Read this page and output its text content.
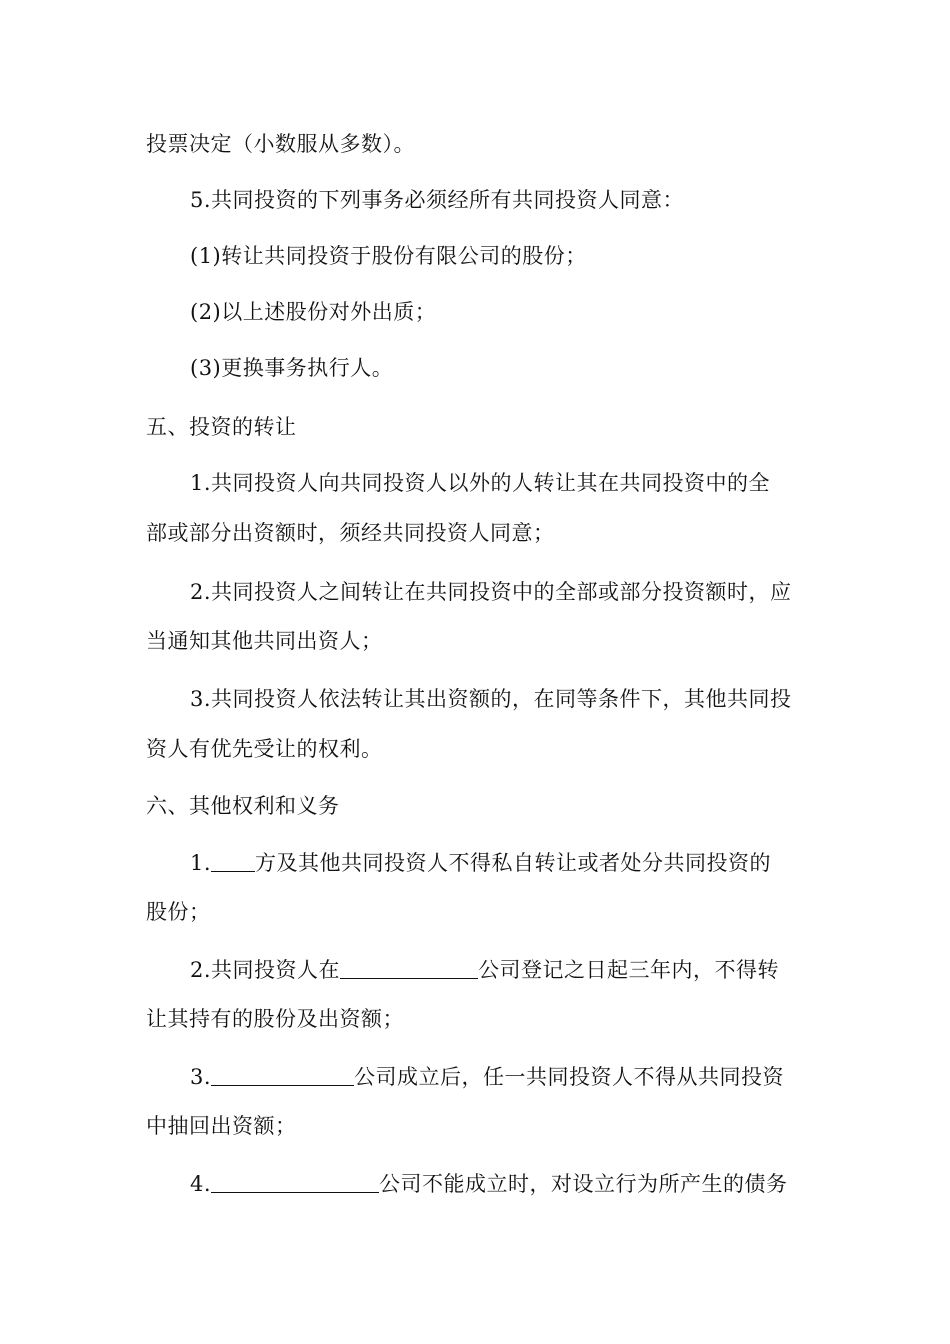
投票决定（小数服从多数）。
5.共同投资的下列事务必须经所有共同投资人同意：
(1)转让共同投资于股份有限公司的股份；
(2)以上述股份对外出质；
(3)更换事务执行人。
五、投资的转让
1.共同投资人向共同投资人以外的人转让其在共同投资中的全
部或部分出资额时，须经共同投资人同意；
2.共同投资人之间转让在共同投资中的全部或部分投资额时，应
当通知其他共同出资人；
3.共同投资人依法转让其出资额的，在同等条件下，其他共同投
资人有优先受让的权利。
六、其他权利和义务
1. 方及其他共同投资人不得私自转让或者处分共同投资的
股份；
2.共同投资人在	公司登记之日起三年内，不得转
让其持有的股份及出资额；
3.	公司成立后，任一共同投资人不得从共同投资
中抽回出资额；
4.	公司不能成立时，对设立行为所产生的债务
